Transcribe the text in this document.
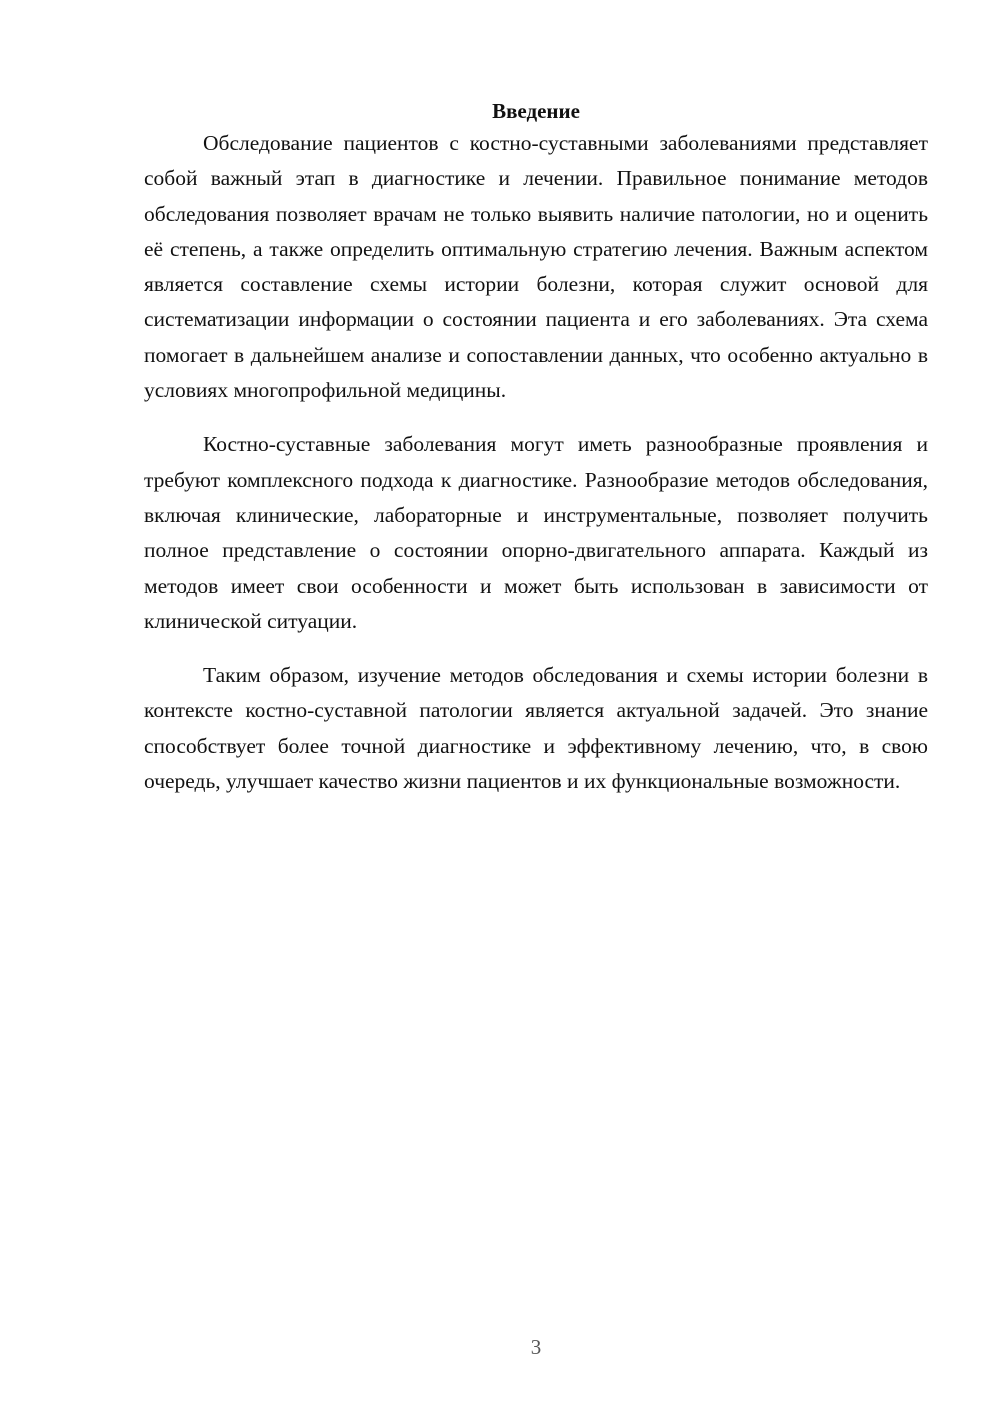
Введение

Обследование пациентов с костно-суставными заболеваниями представляет собой важный этап в диагностике и лечении. Правильное понимание методов обследования позволяет врачам не только выявить наличие патологии, но и оценить её степень, а также определить оптимальную стратегию лечения. Важным аспектом является составление схемы истории болезни, которая служит основой для систематизации информации о состоянии пациента и его заболеваниях. Эта схема помогает в дальнейшем анализе и сопоставлении данных, что особенно актуально в условиях многопрофильной медицины.

Костно-суставные заболевания могут иметь разнообразные проявления и требуют комплексного подхода к диагностике. Разнообразие методов обследования, включая клинические, лабораторные и инструментальные, позволяет получить полное представление о состоянии опорно-двигательного аппарата. Каждый из методов имеет свои особенности и может быть использован в зависимости от клинической ситуации.

Таким образом, изучение методов обследования и схемы истории болезни в контексте костно-суставной патологии является актуальной задачей. Это знание способствует более точной диагностике и эффективному лечению, что, в свою очередь, улучшает качество жизни пациентов и их функциональные возможности.

3
